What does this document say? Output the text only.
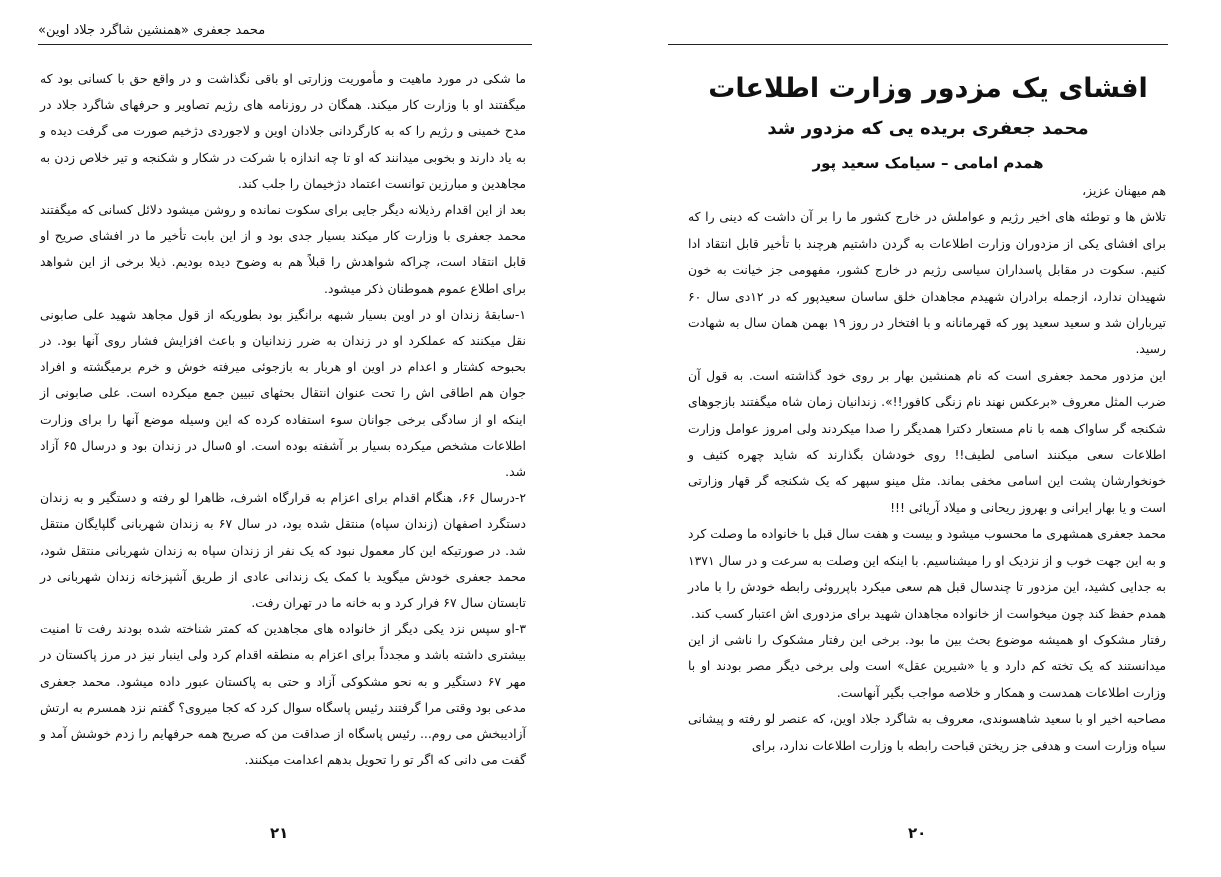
محمد جعفری «همنشین شاگرد جلاد اوین»

ما شکی در مورد ماهیت و مأموریت وزارتی او باقی نگذاشت و در واقع حق با کسانی بود که میگفتند او با وزارت کار میکند. همگان در روزنامه های رژیم تصاویر و حرفهای شاگرد جلاد در مدح خمینی و رژیم را که به کارگردانی جلادان اوین و لاجوردی دژخیم صورت می گرفت دیده و به یاد دارند و بخوبی میدانند که او تا چه اندازه با شرکت در شکار و شکنجه و تیر خلاص زدن به مجاهدین و مبارزین توانست اعتماد دژخیمان را جلب کند.

بعد از این اقدام رذیلانه دیگر جایی برای سکوت نمانده و روشن میشود دلائل کسانی که میگفتند محمد جعفری با وزارت کار میکند بسیار جدی بود و از این بابت تأخیر ما در افشای صریح او قابل انتقاد است، چراکه شواهدش را قبلاً هم به وضوح دیده بودیم. ذیلا برخی از این شواهد برای اطلاع عموم هموطنان ذکر میشود.

۱-سابقهٔ زندان او در اوین بسیار شبهه برانگیز بود بطوریکه از قول مجاهد شهید علی صابونی نقل میکنند که عملکرد او در زندان به ضرر زندانیان و باعث افزایش فشار روی آنها بود. در بحبوحه کشتار و اعدام در اوین او هربار به بازجوئی میرفته خوش و خرم برمیگشته و افراد جوان هم اطاقی اش را تحت عنوان انتقال بحثهای تبیین جمع میکرده است. علی صابونی از اینکه او از سادگی برخی جوانان سوء استفاده کرده که این وسیله موضع آنها را برای وزارت اطلاعات مشخص میکرده بسیار بر آشفته بوده است. او ۵سال در زندان بود و درسال ۶۵ آزاد شد.

۲-درسال ۶۶، هنگام اقدام برای اعزام به قرارگاه اشرف، ظاهرا لو رفته و دستگیر و به زندان دستگرد اصفهان (زندان سپاه) منتقل شده بود، در سال ۶۷ به زندان شهربانی گلپایگان منتقل شد. در صورتیکه این کار معمول نبود که یک نفر از زندان سپاه به زندان شهربانی منتقل شود، محمد جعفری خودش میگوید با کمک یک زندانی عادی از طریق آشپزخانه زندان شهربانی در تابستان سال ۶۷ فرار کرد و به خانه ما در تهران رفت.

۳-او سپس نزد یکی دیگر از خانواده های مجاهدین که کمتر شناخته شده بودند رفت تا امنیت بیشتری داشته باشد و مجدداً برای اعزام به منطقه اقدام کرد ولی اینبار نیز در مرز پاکستان در مهر ۶۷ دستگیر و به نحو مشکوکی آزاد و حتی به پاکستان عبور داده میشود. محمد جعفری مدعی بود وقتی مرا گرفتند رئیس پاسگاه سوال کرد که کجا میروی؟ گفتم نزد همسرم به ارتش آزادیبخش می روم... رئیس پاسگاه از صداقت من که صریح همه حرفهایم را زدم خوشش آمد و گفت می دانی که اگر تو را تحویل بدهم اعدامت میکنند.

۲۱
افشای یک مزدور وزارت اطلاعات
محمد جعفری بریده یی که مزدور شد
همدم امامی – سیامک سعید پور

هم میهنان عزیز،

تلاش ها و توطئه های اخیر رژیم و عواملش در خارج کشور ما را بر آن داشت که دینی را که برای افشای یکی از مزدوران وزارت اطلاعات به گردن داشتیم هرچند با تأخیر قابل انتقاد ادا کنیم. سکوت در مقابل پاسداران سیاسی رژیم در خارج کشور، مفهومی جز خیانت به خون شهیدان ندارد، ازجمله برادران شهیدم مجاهدان خلق ساسان سعیدپور که در ۱۲دی سال ۶۰ تیرباران شد و سعید سعید پور که قهرمانانه و با افتخار در روز ۱۹ بهمن همان سال به شهادت رسید.

این مزدور محمد جعفری است که نام همنشین بهار بر روی خود گذاشته است. به قول آن ضرب المثل معروف «برعکس نهند نام زنگی کافور!!». زندانیان زمان شاه میگفتند بازجوهای شکنجه گر ساواک همه با نام مستعار دکترا همدیگر را صدا میکردند ولی امروز عوامل وزارت اطلاعات سعی میکنند اسامی لطیف!! روی خودشان بگذارند که شاید چهره کثیف و خونخوارشان پشت این اسامی مخفی بماند. مثل مینو سپهر که یک شکنجه گر قهار وزارتی است و یا بهار ایرانی و بهروز ریحانی و میلاد آریائی !!!

محمد جعفری همشهری ما محسوب میشود و بیست و هفت سال قبل با خانواده ما وصلت کرد و به این جهت خوب و از نزدیک او را میشناسیم. با اینکه این وصلت به سرعت و در سال ۱۳۷۱ به جدایی کشید، این مزدور تا چندسال قبل هم سعی میکرد باپرروئی رابطه خودش را با مادر همدم حفظ کند چون میخواست از خانواده مجاهدان شهید برای مزدوری اش اعتبار کسب کند.

رفتار مشکوک او همیشه موضوع بحث بین ما بود. برخی این رفتار مشکوک را ناشی از این میدانستند که یک تخته کم دارد و یا «شیرین عقل» است ولی برخی دیگر مصر بودند او با وزارت اطلاعات همدست و همکار و خلاصه مواجب بگیر آنهاست.

مصاحبه اخیر او با سعید شاهسوندی، معروف به شاگرد جلاد اوین، که عنصر لو رفته و پیشانی سیاه وزارت است و هدفی جز ریختن قباحت رابطه با وزارت اطلاعات ندارد، برای

۲۰
